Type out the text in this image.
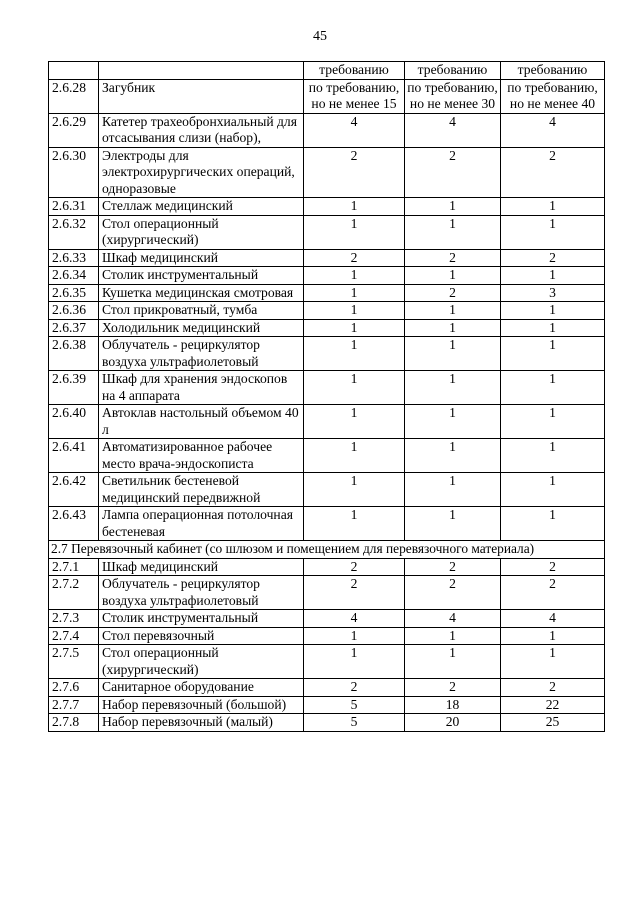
45
		требованию	требованию	требованию
2.6.28	Загубник	по требованию, но не менее 15	по требованию, но не менее 30	по требованию, но не менее 40
2.6.29	Катетер трахеобронхиальный для отсасывания слизи (набор),	4	4	4
2.6.30	Электроды для электрохирургических операций, одноразовые	2	2	2
2.6.31	Стеллаж медицинский	1	1	1
2.6.32	Стол операционный (хирургический)	1	1	1
2.6.33	Шкаф медицинский	2	2	2
2.6.34	Столик инструментальный	1	1	1
2.6.35	Кушетка медицинская смотровая	1	2	3
2.6.36	Стол прикроватный, тумба	1	1	1
2.6.37	Холодильник медицинский	1	1	1
2.6.38	Облучатель - рециркулятор воздуха ультрафиолетовый	1	1	1
2.6.39	Шкаф для хранения эндоскопов на 4 аппарата	1	1	1
2.6.40	Автоклав настольный объемом 40 л	1	1	1
2.6.41	Автоматизированное рабочее место врача-эндоскописта	1	1	1
2.6.42	Светильник бестеневой медицинский передвижной	1	1	1
2.6.43	Лампа операционная потолочная бестеневая	1	1	1
2.7 Перевязочный кабинет (со шлюзом и помещением для перевязочного материала)				
2.7.1	Шкаф медицинский	2	2	2
2.7.2	Облучатель - рециркулятор воздуха ультрафиолетовый	2	2	2
2.7.3	Столик инструментальный	4	4	4
2.7.4	Стол перевязочный	1	1	1
2.7.5	Стол операционный (хирургический)	1	1	1
2.7.6	Санитарное оборудование	2	2	2
2.7.7	Набор перевязочный (большой)	5	18	22
2.7.8	Набор перевязочный (малый)	5	20	25
